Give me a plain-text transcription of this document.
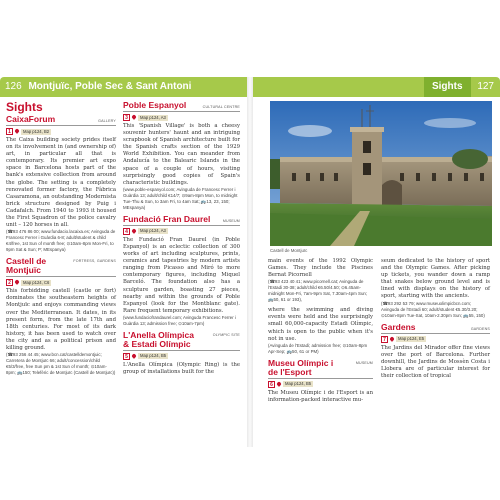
126 Montjuïc, Poble Sec & Sant Antoni	Sights 127
Sights
CaixaForum	GALLERY
1	Map p124, B2

The Caixa building society prides itself on its involvement in (and ownership of) art, in particular all that is contemporary. Its premier art expo space in Barcelona hosts part of the bank's extensive collection from around the globe. The setting is a completely renovated former factory, the Fàbrica Casaramona, an outstanding Modernista brick structure designed by Puig i Cadafalch. From 1940 to 1993 it housed the First Squadron of the police cavalry unit – 120 horses in all.

(☎93 476 86 00; www.fundacio.lacaixa.es; Avinguda de Francesc Ferrer i Guàrdia 6-8; adult/student & child €4/free, 1st Sun of month free; ⊙10am-8pm Mon-Fri, to 9pm Sat & Sun; P; MEspanya)

Castell de Montjuïc
FORTRESS, GARDENS
2	Map p124, C6

This forbidding castell (castle or fort) dominates the southeastern heights of Montjuïc and enjoys commanding views over the Mediterranean. It dates, in its present form, from the late 17th and 18th centuries. For most of its dark history, it has been used to watch over the city and as a political prison and killing ground.

(☎93 256 44 45; www.bcn.cat/castelldemontjuic; Carretera de Montjuïc 66; adult/concession/child €5/3/free, free Sun pm & 1st Sun of month; ⊙10am-8pm; 🚌150; Telefèric de Montjuïc (Castell de Montjuïc))

Poble Espanyol	CULTURAL CENTRE
3	Map p124, A3

This 'Spanish Village' is both a cheesy souvenir hunters' haunt and an intriguing scrapbook of Spanish architecture built for the Spanish crafts section of the 1929 World Exhibition. You can meander from Andalucía to the Balearic Islands in the space of a couple of hours, visiting surprisingly good copies of Spain's characteristic buildings.

(www.poble-espanyol.com; Avinguda de Francesc Ferrer i Guàrdia 13; adult/child €14/7; ⊙9am-8pm Mon, to midnight Tue-Thu & Sun, to 3am Fri, to 4am Sat; 🚌13, 23, 150; MEspanya)

Fundació Fran Daurel	MUSEUM
4	Map p124, A3

The Fundació Fran Daurel (in Poble Espanyol) is an eclectic collection of 300 works of art including sculptures, prints, ceramics and tapestries by modern artists ranging from Picasso and Miró to more contemporary figures, including Miquel Barceló. The foundation also has a sculpture garden, boasting 27 pieces, nearby and within the grounds of Poble Espanyol (look for the Montblanc gate). Rare frequent temporary exhibitions.

(www.fundaciofrandaurel.com; Avinguda Francesc Ferrer i Guàrdia 13; admission free; ⊙10am-7pm)

L'Anella Olímpica & Estadi Olímpic
OLYMPIC SITE
5	Map p124, B5

L'Anella Olímpica (Olympic Ring) is the group of installations built for the

Castell de Montjuïc

main events of the 1992 Olympic Games. They include the Piscines Bernat Picornell

(☎93 423 40 41; www.picornell.cat; Avinguda de l'Estadi 30-38; adult/child €6.50/4.50; ⊙6.45am-midnight Mon-Fri, 7am-9pm Sat, 7.30am-4pm Sun; 🚌50, 61 or 193),

where the swimming and diving events were held and the surprisingly small 60,000-capacity Estadi Olímpic, which is open to the public when it's not in use.

(Avinguda de l'Estadi; admission free; ⊙10am-8pm Apr-Sep; 🚌50, 61 or PM)

Museu Olímpic i de l'Esport
MUSEUM
6	Map p124, B5

The Museu Olímpic i de l'Esport is an information-packed interactive mu-

seum dedicated to the history of sport and the Olympic Games. After picking up tickets, you wander down a ramp that snakes below ground level and is lined with displays on the history of sport, starting with the ancients.

(☎93 292 53 79; www.museuolimpicbcn.com; Avinguda de l'Estadi 60; adult/student €5.30/3.20; ⊙10am-8pm Tue-Sat, 10am-2.30pm Sun; 🚌55, 150)

Gardens	GARDENS
7	Map p124, E5

The Jardins del Mirador offer fine views over the port of Barcelona. Further downhill, the Jardins de Mossèn Costa i Llobera are of particular interest for their collection of tropical
